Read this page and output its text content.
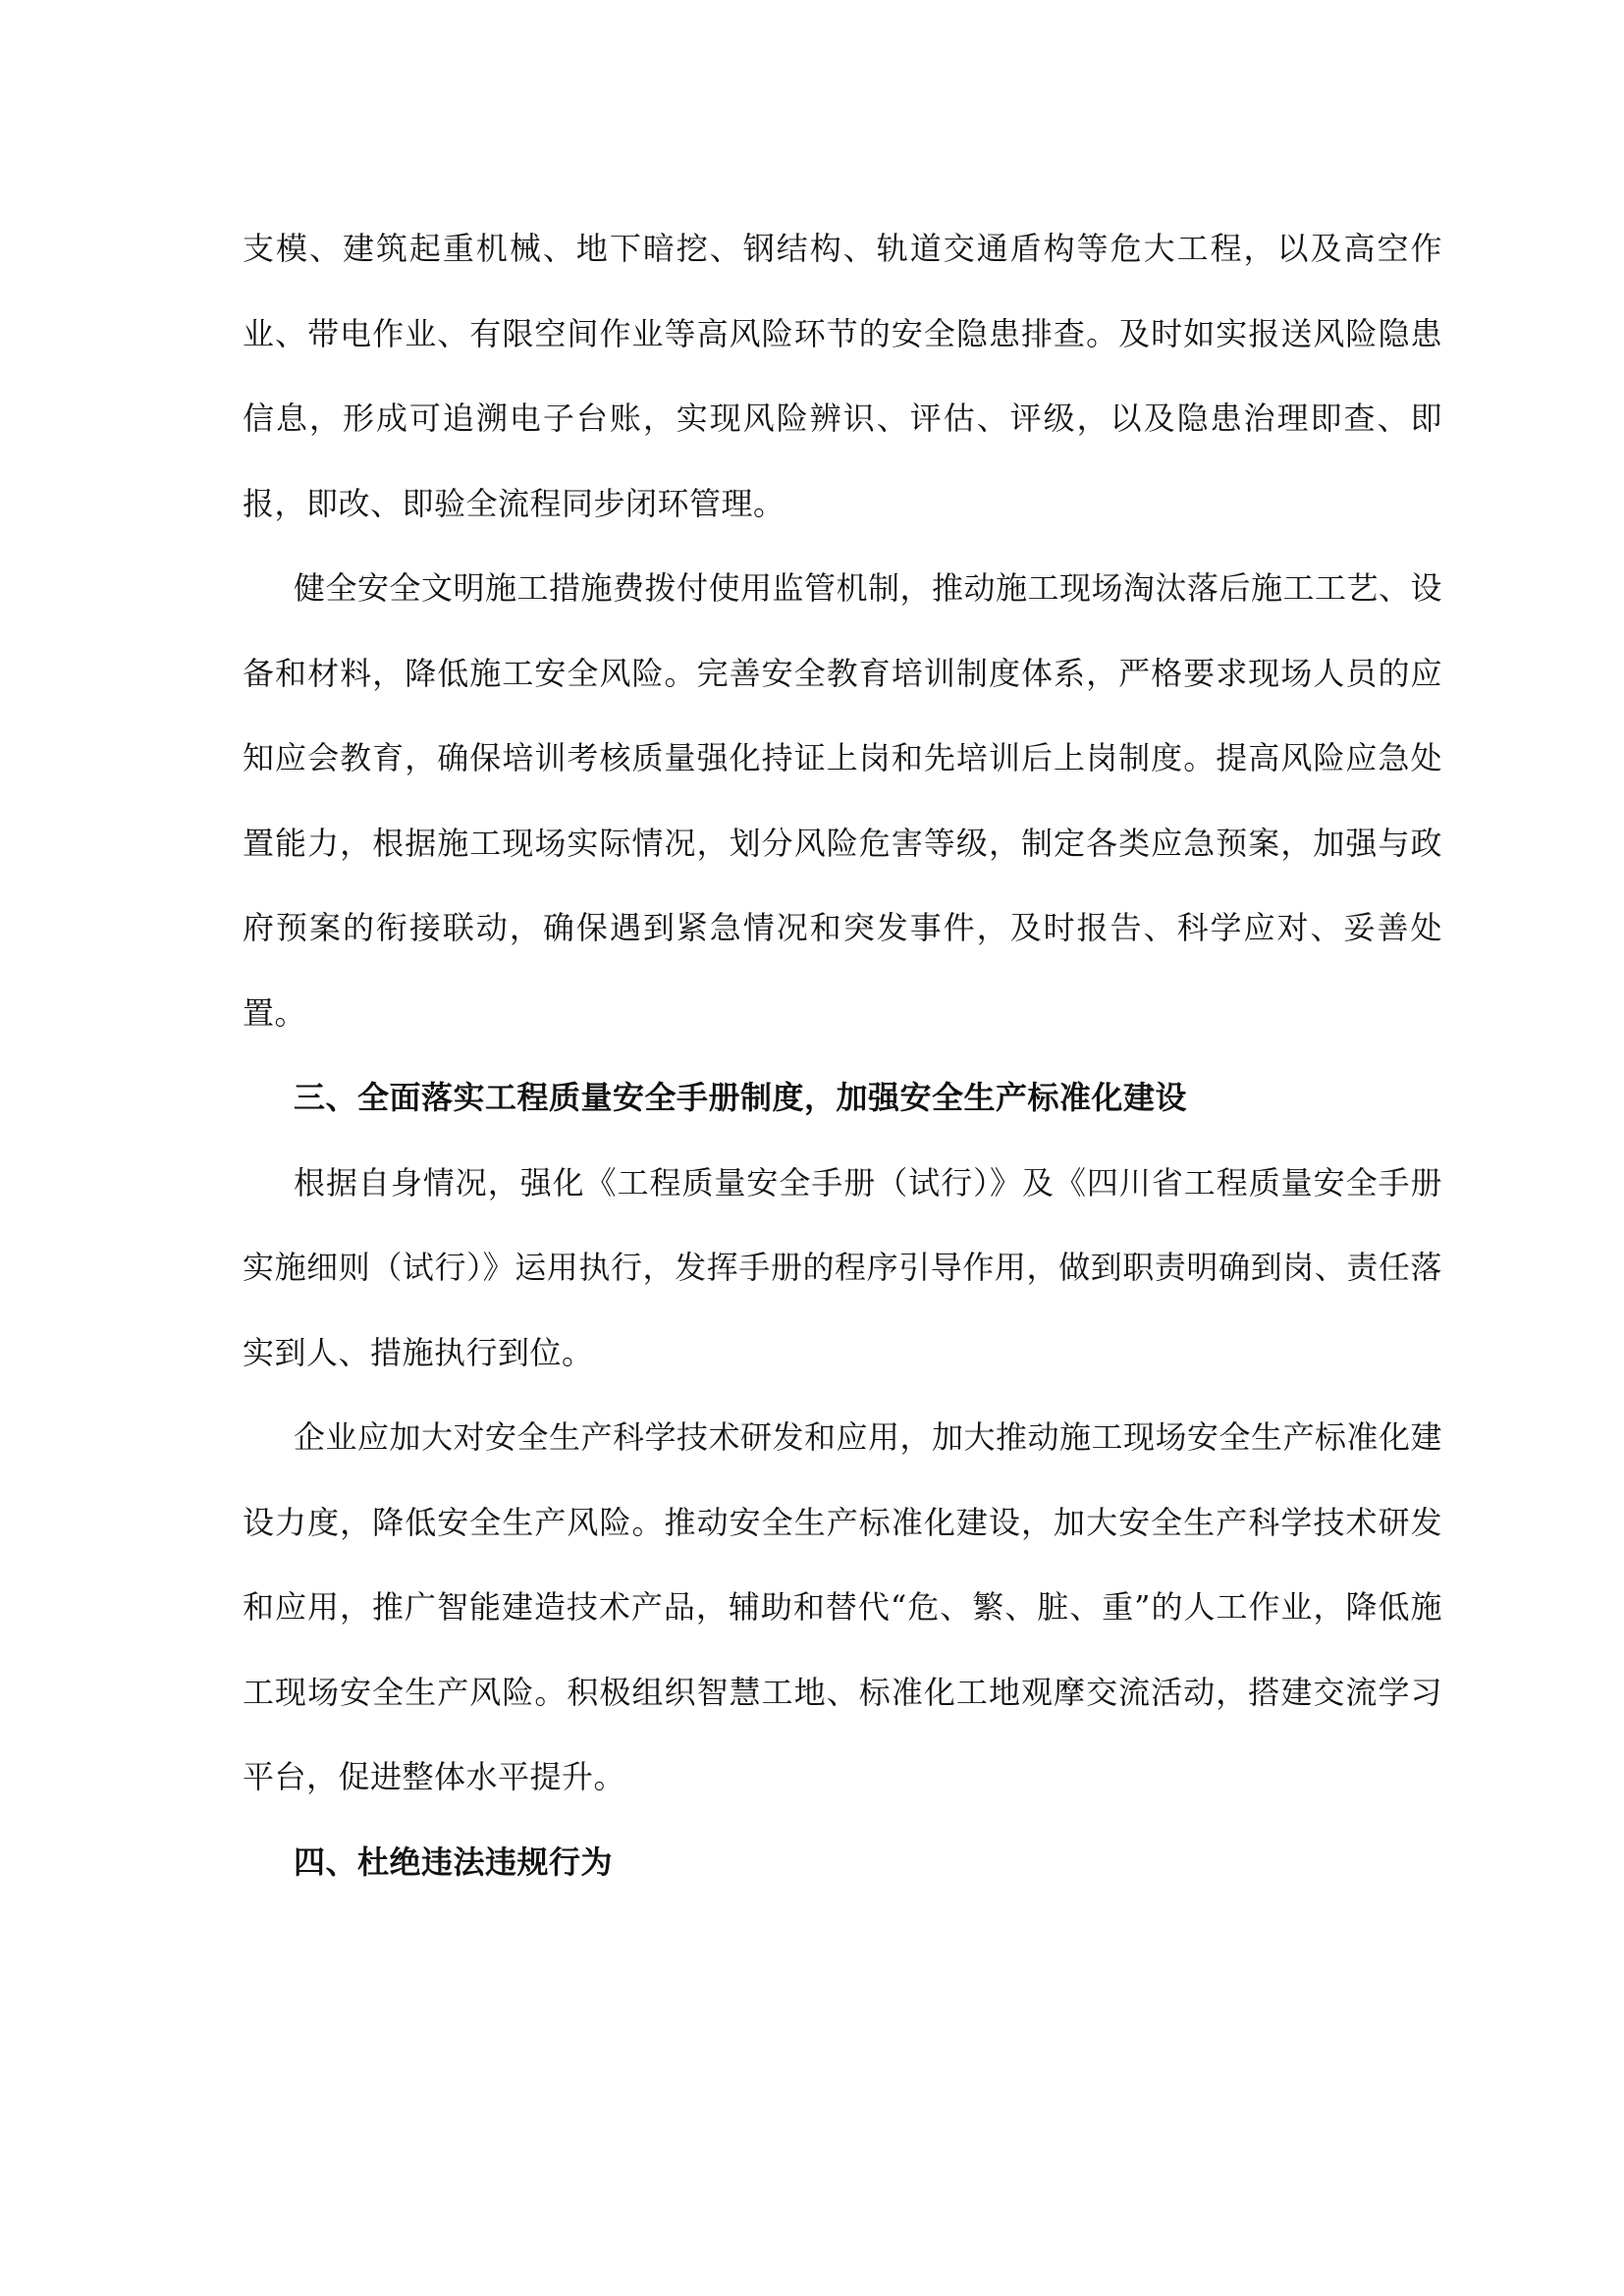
支模、建筑起重机械、地下暗挖、钢结构、轨道交通盾构等危大工程，以及高空作业、带电作业、有限空间作业等高风险环节的安全隐患排查。及时如实报送风险隐患信息，形成可追溯电子台账，实现风险辨识、评估、评级，以及隐患治理即查、即报，即改、即验全流程同步闭环管理。

健全安全文明施工措施费拨付使用监管机制，推动施工现场淘汰落后施工工艺、设备和材料，降低施工安全风险。完善安全教育培训制度体系，严格要求现场人员的应知应会教育，确保培训考核质量强化持证上岗和先培训后上岗制度。提高风险应急处置能力，根据施工现场实际情况，划分风险危害等级，制定各类应急预案，加强与政府预案的衔接联动，确保遇到紧急情况和突发事件，及时报告、科学应对、妥善处置。

三、全面落实工程质量安全手册制度，加强安全生产标准化建设

根据自身情况，强化《工程质量安全手册（试行）》及《四川省工程质量安全手册实施细则（试行）》运用执行，发挥手册的程序引导作用，做到职责明确到岗、责任落实到人、措施执行到位。

企业应加大对安全生产科学技术研发和应用，加大推动施工现场安全生产标准化建设力度，降低安全生产风险。推动安全生产标准化建设，加大安全生产科学技术研发和应用，推广智能建造技术产品，辅助和替代“危、繁、脏、重”的人工作业，降低施工现场安全生产风险。积极组织智慧工地、标准化工地观摩交流活动，搭建交流学习平台，促进整体水平提升。

四、杜绝违法违规行为
